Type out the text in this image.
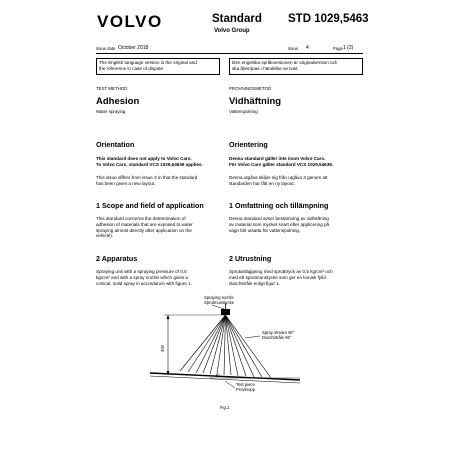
VOLVO	Standard
Volvo Group
STD 1029,5463
Issue date October 2018	Issue 4	Page 1 (2)
The English language version is the original and
the reference in case of dispute.
Den engelska språkversionen är originalversion och
ska åberopas i händelse av tvist.
TEST METHOD	PROVNINGSMETOD
Adhesion	Vidhäftning
Water spraying	Vattenspolning
Orientation	Orientering
This standard does not apply to Volvo Cars.
To Volvo Cars, standard VCS 1029,54639 applies.
Denna standard gäller inte inom Volvo Cars.
För Volvo Cars gäller standard VCS 1029,54639.
This issue differs from issue 3 in that the standard
has been given a new layout.
Denna utgåva skiljer sig från utgåva 3 genom att
standarden har fått en ny layout.
1 Scope and field of application	1 Omfattning och tillämpning
This standard concerns the determination of
adhesion of materials that are exposed to water
spraying almost directly after application on the
vehicle).
Denna standard avser bestämning av vidhäftning
av material som mycket snart efter applicering på
vagn blir utsatta för vattenspolning.
2 Apparatus	2 Utrustning
Spraying unit with a spraying pressure of 0,5
kg/cm² and with a spray nozzle which gives a
conical, solid spray in accordance with figure 1.
Sprutanläggning med sprutttryck av 0,5 kg/cm² och
med ett sprutmunstycke som ger en konisk fylld
duschstråle enligt figur 1.
Spraying nozzle
Sprutmunstycke
Spray stream 90°
Duschstråle 90°
300
5°
Test piece
Provkropp
Fig.1
